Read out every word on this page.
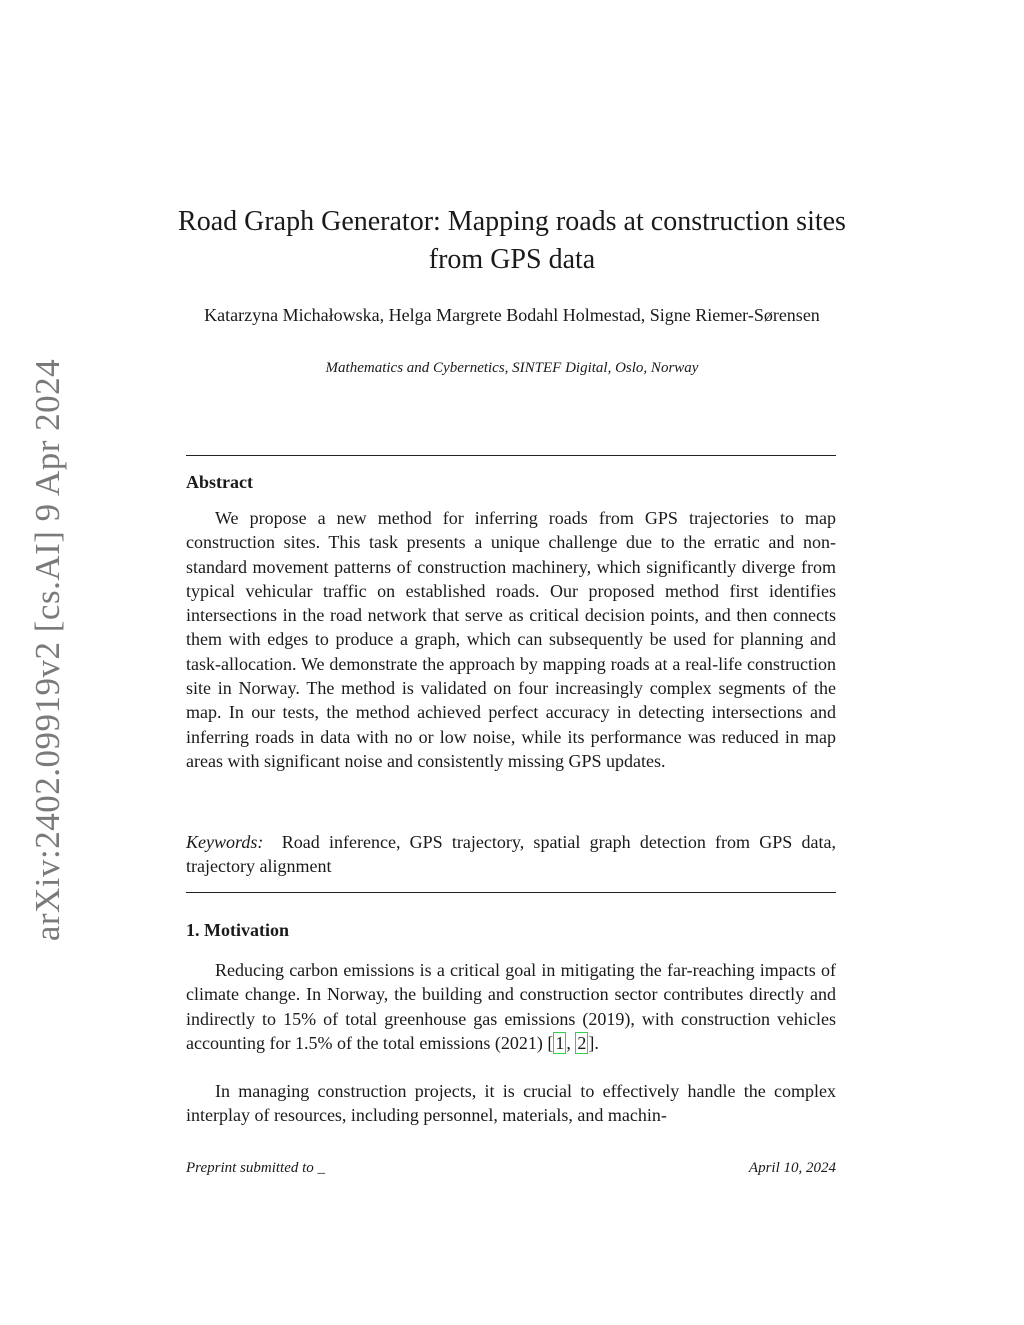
arXiv:2402.09919v2 [cs.AI] 9 Apr 2024
Road Graph Generator: Mapping roads at construction sites from GPS data
Katarzyna Michałowska, Helga Margrete Bodahl Holmestad, Signe Riemer-Sørensen
Mathematics and Cybernetics, SINTEF Digital, Oslo, Norway
Abstract

We propose a new method for inferring roads from GPS trajectories to map construction sites. This task presents a unique challenge due to the erratic and non-standard movement patterns of construction machinery, which significantly diverge from typical vehicular traffic on established roads. Our proposed method first identifies intersections in the road network that serve as critical decision points, and then connects them with edges to produce a graph, which can subsequently be used for planning and task-allocation. We demonstrate the approach by mapping roads at a real-life construction site in Norway. The method is validated on four increasingly complex segments of the map. In our tests, the method achieved perfect accuracy in detecting intersections and inferring roads in data with no or low noise, while its performance was reduced in map areas with significant noise and consistently missing GPS updates.

Keywords: Road inference, GPS trajectory, spatial graph detection from GPS data, trajectory alignment

1. Motivation

Reducing carbon emissions is a critical goal in mitigating the far-reaching impacts of climate change. In Norway, the building and construction sector contributes directly and indirectly to 15% of total greenhouse gas emissions (2019), with construction vehicles accounting for 1.5% of the total emissions (2021) [ 1 , 2 ].

In managing construction projects, it is crucial to effectively handle the complex interplay of resources, including personnel, materials, and machin-

Preprint submitted to _	April 10, 2024
